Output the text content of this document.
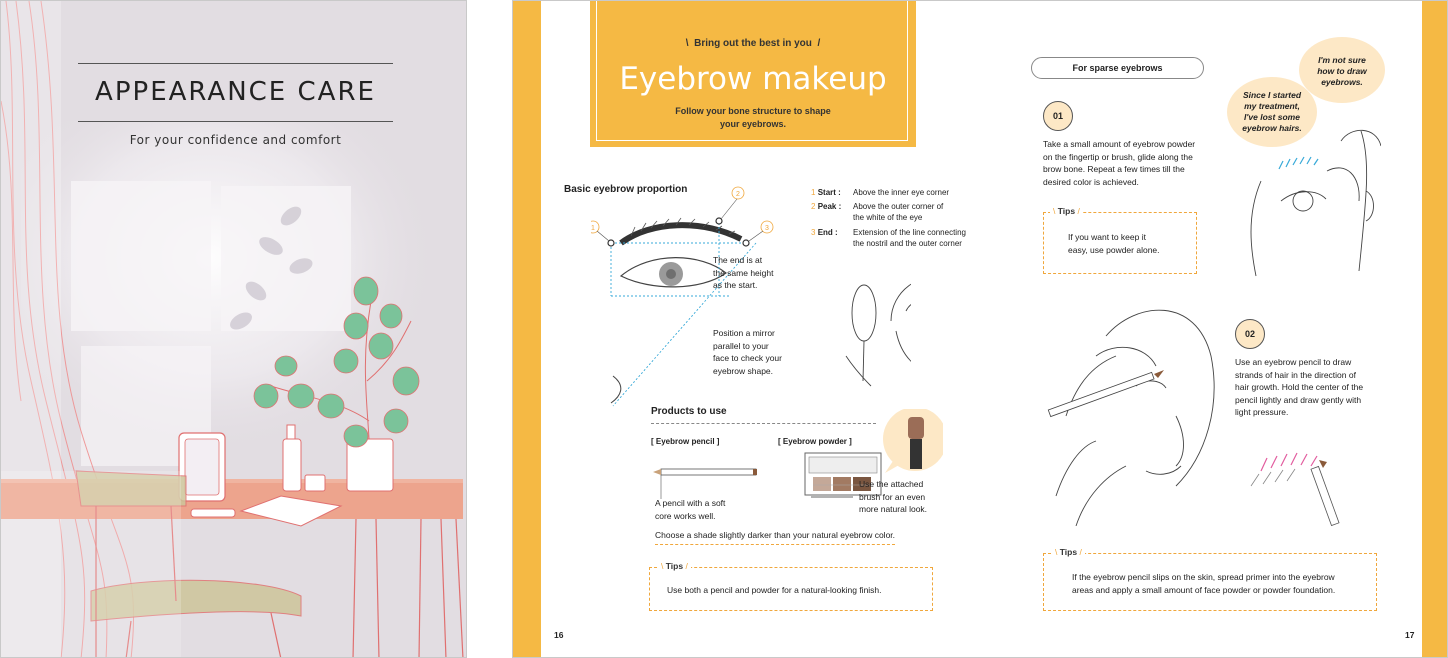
APPEARANCE CARE
For your confidence and comfort
\ Bring out the best in you /
Eyebrow makeup
Follow your bone structure to shape
your eyebrows.
Basic eyebrow proportion
1
2
3
1 Start : Above the inner eye corner
2 Peak : Above the outer corner of
the white of the eye
3 End : Extension of the line connecting
the nostril and the outer corner
The end is at
the same height
as the start.
Position a mirror
parallel to your
face to check your
eyebrow shape.
Products to use
[ Eyebrow pencil ]	[ Eyebrow powder ]
A pencil with a soft
core works well.
Use the attached
brush for an even
more natural look.
Choose a shade slightly darker than your natural eyebrow color.
\ Tips /
Use both a pencil and powder for a natural-looking finish.
16	17
For sparse eyebrows
01
Take a small amount of eyebrow powder
on the fingertip or brush, glide along the
brow bone. Repeat a few times till the
desired color is achieved.
\ Tips /
If you want to keep it
easy, use powder alone.
I'm not sure
how to draw
eyebrows.
Since I started
my treatment,
I've lost some
eyebrow hairs.
02
Use an eyebrow pencil to draw
strands of hair in the direction of
hair growth. Hold the center of the
pencil lightly and draw gently with
light pressure.
\ Tips /
If the eyebrow pencil slips on the skin, spread primer into the eyebrow
areas and apply a small amount of face powder or powder foundation.
